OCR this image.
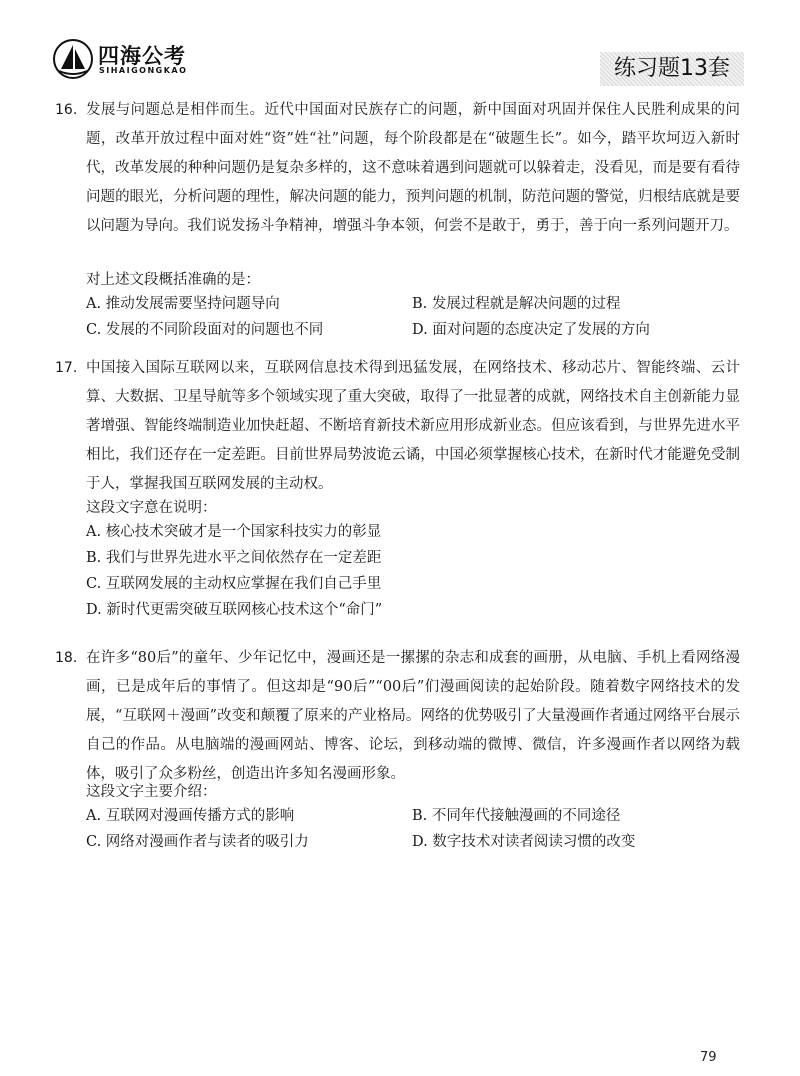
四海公考
SIHAIGONGKAO	练习题13套
16. 发展与问题总是相伴而生。近代中国面对民族存亡的问题，新中国面对巩固并保住人民胜利成果的问题，改革开放过程中面对姓“资”姓“社”问题，每个阶段都是在“破题生长”。如今，踏平坎坷迈入新时代，改革发展的种种问题仍是复杂多样的，这不意味着遇到问题就可以躲着走，没看见，而是要有看待问题的眼光，分析问题的理性，解决问题的能力，预判问题的机制，防范问题的警觉，归根结底就是要以问题为导向。我们说发扬斗争精神，增强斗争本领，何尝不是敢于，勇于，善于向一系列问题开刀。
对上述文段概括准确的是：
A. 推动发展需要坚持问题导向	B. 发展过程就是解决问题的过程
C. 发展的不同阶段面对的问题也不同	D. 面对问题的态度决定了发展的方向
17. 中国接入国际互联网以来，互联网信息技术得到迅猛发展，在网络技术、移动芯片、智能终端、云计算、大数据、卫星导航等多个领域实现了重大突破，取得了一批显著的成就，网络技术自主创新能力显著增强、智能终端制造业加快赶超、不断培育新技术新应用形成新业态。但应该看到，与世界先进水平相比，我们还存在一定差距。目前世界局势波诡云谲，中国必须掌握核心技术，在新时代才能避免受制于人，掌握我国互联网发展的主动权。
这段文字意在说明：
A. 核心技术突破才是一个国家科技实力的彰显
B. 我们与世界先进水平之间依然存在一定差距
C. 互联网发展的主动权应掌握在我们自己手里
D. 新时代更需突破互联网核心技术这个“命门”
18. 在许多“80后”的童年、少年记忆中，漫画还是一摞摞的杂志和成套的画册，从电脑、手机上看网络漫画，已是成年后的事情了。但这却是“90后”“00后”们漫画阅读的起始阶段。随着数字网络技术的发展，“互联网＋漫画”改变和颠覆了原来的产业格局。网络的优势吸引了大量漫画作者通过网络平台展示自己的作品。从电脑端的漫画网站、博客、论坛，到移动端的微博、微信，许多漫画作者以网络为载体，吸引了众多粉丝，创造出许多知名漫画形象。
这段文字主要介绍：
A. 互联网对漫画传播方式的影响	B. 不同年代接触漫画的不同途径
C. 网络对漫画作者与读者的吸引力	D. 数字技术对读者阅读习惯的改变
79
